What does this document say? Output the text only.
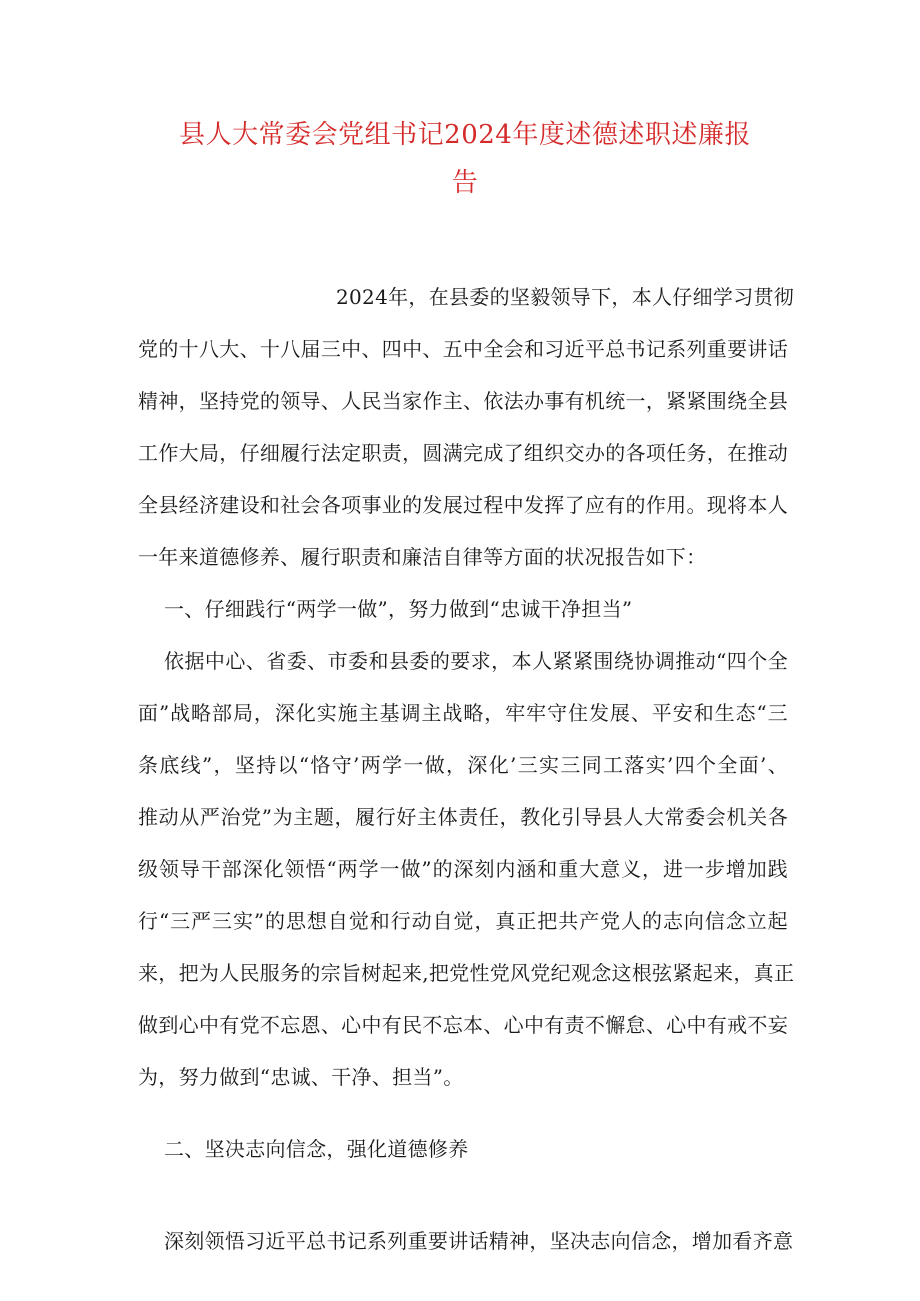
县人大常委会党组书记2024年度述德述职述廉报
告
2024年，在县委的坚毅领导下，本人仔细学习贯彻
党的十八大、十八届三中、四中、五中全会和习近平总书记系列重要讲话
精神，坚持党的领导、人民当家作主、依法办事有机统一，紧紧围绕全县
工作大局，仔细履行法定职责，圆满完成了组织交办的各项任务，在推动
全县经济建设和社会各项事业的发展过程中发挥了应有的作用。现将本人
一年来道德修养、履行职责和廉洁自律等方面的状况报告如下：
一、仔细践行“两学一做”，努力做到“忠诚干净担当”
依据中心、省委、市委和县委的要求，本人紧紧围绕协调推动“四个全
面”战略部局，深化实施主基调主战略，牢牢守住发展、平安和生态“三
条底线”，坚持以“恪守’两学一做，深化’三实三同工落实’四个全面’、
推动从严治党”为主题，履行好主体责任，教化引导县人大常委会机关各
级领导干部深化领悟“两学一做”的深刻内涵和重大意义，进一步增加践
行“三严三实”的思想自觉和行动自觉，真正把共产党人的志向信念立起
来，把为人民服务的宗旨树起来,把党性党风党纪观念这根弦紧起来，真正
做到心中有党不忘恩、心中有民不忘本、心中有责不懈怠、心中有戒不妄
为，努力做到“忠诚、干净、担当”。
二、坚决志向信念，强化道德修养
深刻领悟习近平总书记系列重要讲话精神，坚决志向信念，增加看齐意
